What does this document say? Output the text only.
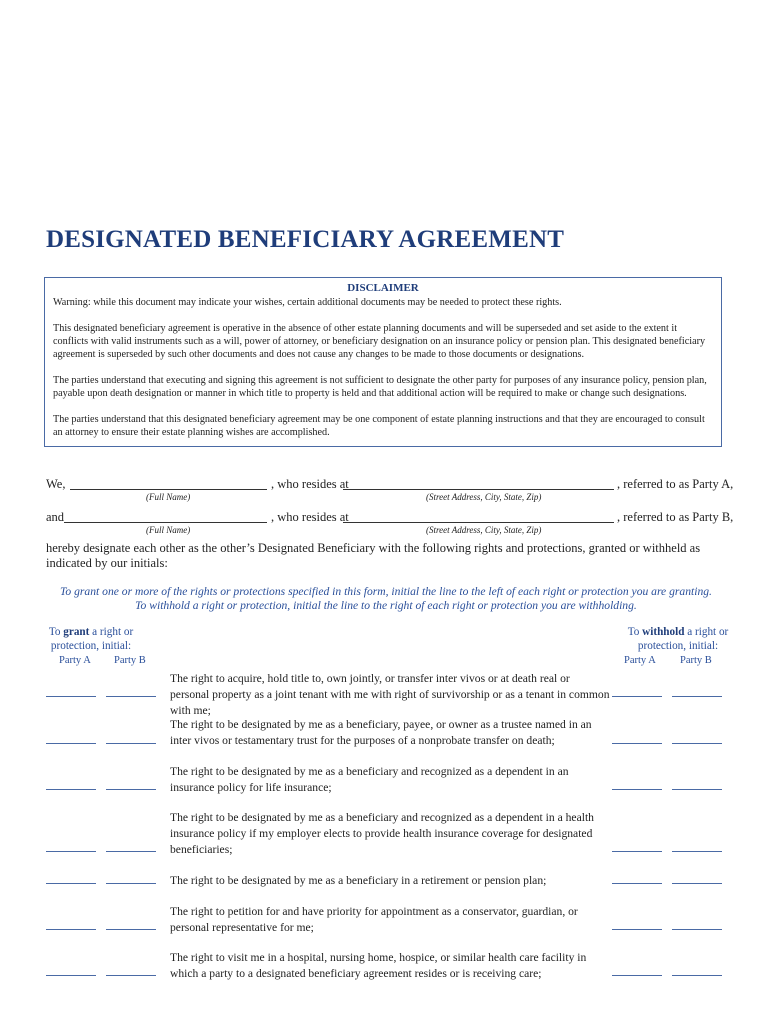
DESIGNATED BENEFICIARY AGREEMENT
DISCLAIMER

Warning: while this document may indicate your wishes, certain additional documents may be needed to protect these rights.

This designated beneficiary agreement is operative in the absence of other estate planning documents and will be superseded and set aside to the extent it conflicts with valid instruments such as a will, power of attorney, or beneficiary designation on an insurance policy or pension plan. This designated beneficiary agreement is superseded by such other documents and does not cause any changes to be made to those documents or designations.

The parties understand that executing and signing this agreement is not sufficient to designate the other party for purposes of any insurance policy, pension plan, payable upon death designation or manner in which title to property is held and that additional action will be required to make or change such designations.

The parties understand that this designated beneficiary agreement may be one component of estate planning instructions and that they are encouraged to consult an attorney to ensure their estate planning wishes are accomplished.

We,	, who resides at	, referred to as Party A,
(Full Name)	(Street Address, City, State, Zip)
and	, who resides at	, referred to as Party B,
(Full Name)	(Street Address, City, State, Zip)

hereby designate each other as the other’s Designated Beneficiary with the following rights and protections, granted or withheld as indicated by our initials:

To grant one or more of the rights or protections specified in this form, initial the line to the left of each right or protection you are granting.
To withhold a right or protection, initial the line to the right of each right or protection you are withholding.
To grant a right or
protection, initial:
To withhold a right or
protection, initial:
Party A Party B	Party A Party B
The right to acquire, hold title to, own jointly, or transfer inter vivos or at death real or personal property as a joint tenant with me with right of survivorship or as a tenant in common with me;
The right to be designated by me as a beneficiary, payee, or owner as a trustee named in an inter vivos or testamentary trust for the purposes of a nonprobate transfer on death;
The right to be designated by me as a beneficiary and recognized as a dependent in an insurance policy for life insurance;
The right to be designated by me as a beneficiary and recognized as a dependent in a health insurance policy if my employer elects to provide health insurance coverage for designated beneficiaries;
The right to be designated by me as a beneficiary in a retirement or pension plan;
The right to petition for and have priority for appointment as a conservator, guardian, or personal representative for me;
The right to visit me in a hospital, nursing home, hospice, or similar health care facility in which a party to a designated beneficiary agreement resides or is receiving care;
